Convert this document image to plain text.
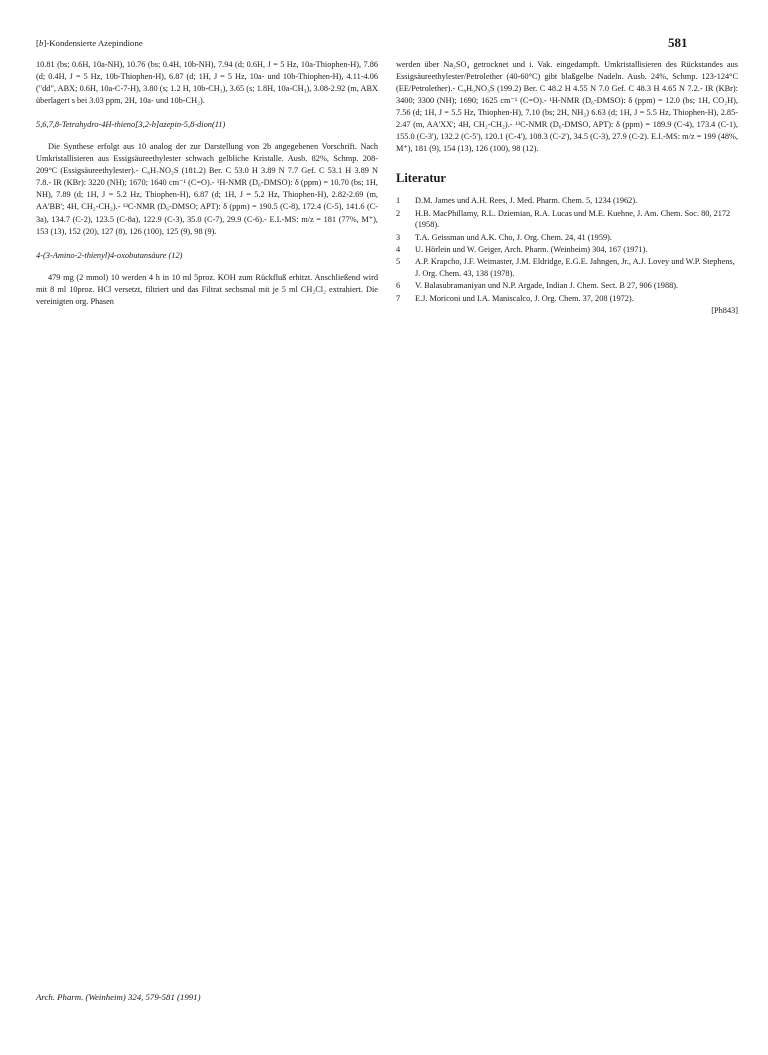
[b]-Kondensierte Azepindione	581

10.81 (bs; 0.6H, 10a-NH), 10.76 (bs; 0.4H, 10b-NH), 7.94 (d; 0.6H, J = 5 Hz, 10a-Thiophen-H), 7.86 (d; 0.4H, J = 5 Hz, 10b-Thiophen-H), 6.87 (d; 1H, J = 5 Hz, 10a- und 10b-Thiophen-H), 4.11-4.06 ("dd", ABX; 0.6H, 10a-C-7-H), 3.80 (s; 1.2 H, 10b-CH₃), 3.65 (s; 1.8H, 10a-CH₃), 3.08-2.92 (m, ABX überlagert s bei 3.03 ppm, 2H, 10a- und 10b-CH₂).

5,6,7,8-Tetrahydro-4H-thieno[3,2-b]azepin-5,8-dion(11)

Die Synthese erfolgt aus 10 analog der zur Darstellung von 2b angegebenen Vorschrift. Nach Umkristallisieren aus Essigsäureethylester schwach gelbliche Kristalle. Ausb. 82%, Schmp. 208-209°C (Essigsäureethylester).- C₈H₇NO₂S (181.2) Ber. C 53.0 H 3.89 N 7.7 Gef. C 53.1 H 3.89 N 7.8.- IR (KBr): 3220 (NH); 1670; 1640 cm⁻¹ (C=O).- ¹H-NMR (D₆-DMSO): δ (ppm) = 10.70 (bs; 1H, NH), 7.89 (d; 1H, J = 5.2 Hz, Thiophen-H), 6.87 (d; 1H, J = 5.2 Hz, Thiophen-H), 2.82-2.69 (m, AA'BB'; 4H, CH₂-CH₂).- ¹³C-NMR (D₆-DMSO; APT): δ (ppm) = 190.5 (C-8), 172.4 (C-5), 141.6 (C-3a), 134.7 (C-2), 123.5 (C-8a), 122.9 (C-3), 35.0 (C-7), 29.9 (C-6).- E.I.-MS: m/z = 181 (77%, M⁺), 153 (13), 152 (20), 127 (8), 126 (100), 125 (9), 98 (9).

4-(3-Amino-2-thienyl)4-oxobutansäure (12)

479 mg (2 mmol) 10 werden 4 h in 10 ml 5proz. KOH zum Rückfluß erhitzt. Anschließend wird mit 8 ml 10proz. HCl versetzt, filtriert und das Filtrat sechsmal mit je 5 ml CH₂Cl₂ extrahiert. Die vereinigten org. Phasen

werden über Na₂SO₄ getrocknet und i. Vak. eingedampft. Umkristallisieren des Rückstandes aus Essigsäureethylester/Petrolether (40-60°C) gibt blaßgelbe Nadeln. Ausb. 24%, Schmp. 123-124°C (EE/Petrolether).- C₈H₉NO₃S (199.2) Ber. C 48.2 H 4.55 N 7.0 Gef. C 48.3 H 4.65 N 7.2.- IR (KBr): 3400; 3300 (NH); 1690; 1625 cm⁻¹ (C=O).- ¹H-NMR (D₆-DMSO): δ (ppm) = 12.0 (bs; 1H, CO₂H), 7.56 (d; 1H, J = 5.5 Hz, Thiophen-H), 7.10 (bs; 2H, NH₂) 6.63 (d; 1H, J = 5.5 Hz, Thiophen-H), 2.85-2.47 (m, AA'XX'; 4H, CH₂-CH₂).- ¹³C-NMR (D₆-DMSO, APT): δ (ppm) = 189.9 (C-4), 173.4 (C-1), 155.0 (C-3'), 132.2 (C-5'), 120.1 (C-4'), 108.3 (C-2'), 34.5 (C-3), 27.9 (C-2). E.I.-MS: m/z = 199 (48%, M⁺), 181 (9), 154 (13), 126 (100), 98 (12).

Literatur
1	D.M. James und A.H. Rees, J. Med. Pharm. Chem. 5, 1234 (1962).
2	H.B. MacPhillamy, R.L. Dziemian, R.A. Lucas und M.E. Kuehne, J. Am. Chem. Soc. 80, 2172 (1958).
3	T.A. Geissman und A.K. Cho, J. Org. Chem. 24, 41 (1959).
4	U. Hörlein und W. Geiger, Arch. Pharm. (Weinheim) 304, 167 (1971).
5	A.P. Krapcho, J.F. Weimaster, J.M. Eldridge, E.G.E. Jahngen, Jr., A.J. Lovey und W.P. Stephens, J. Org. Chem. 43, 138 (1978).
6	V. Balasubramaniyan und N.P. Argade, Indian J. Chem. Sect. B 27, 906 (1988).
7	E.J. Moriconi und I.A. Maniscalco, J. Org. Chem. 37, 208 (1972).
[Ph843]
Arch. Pharm. (Weinheim) 324, 579-581 (1991)
